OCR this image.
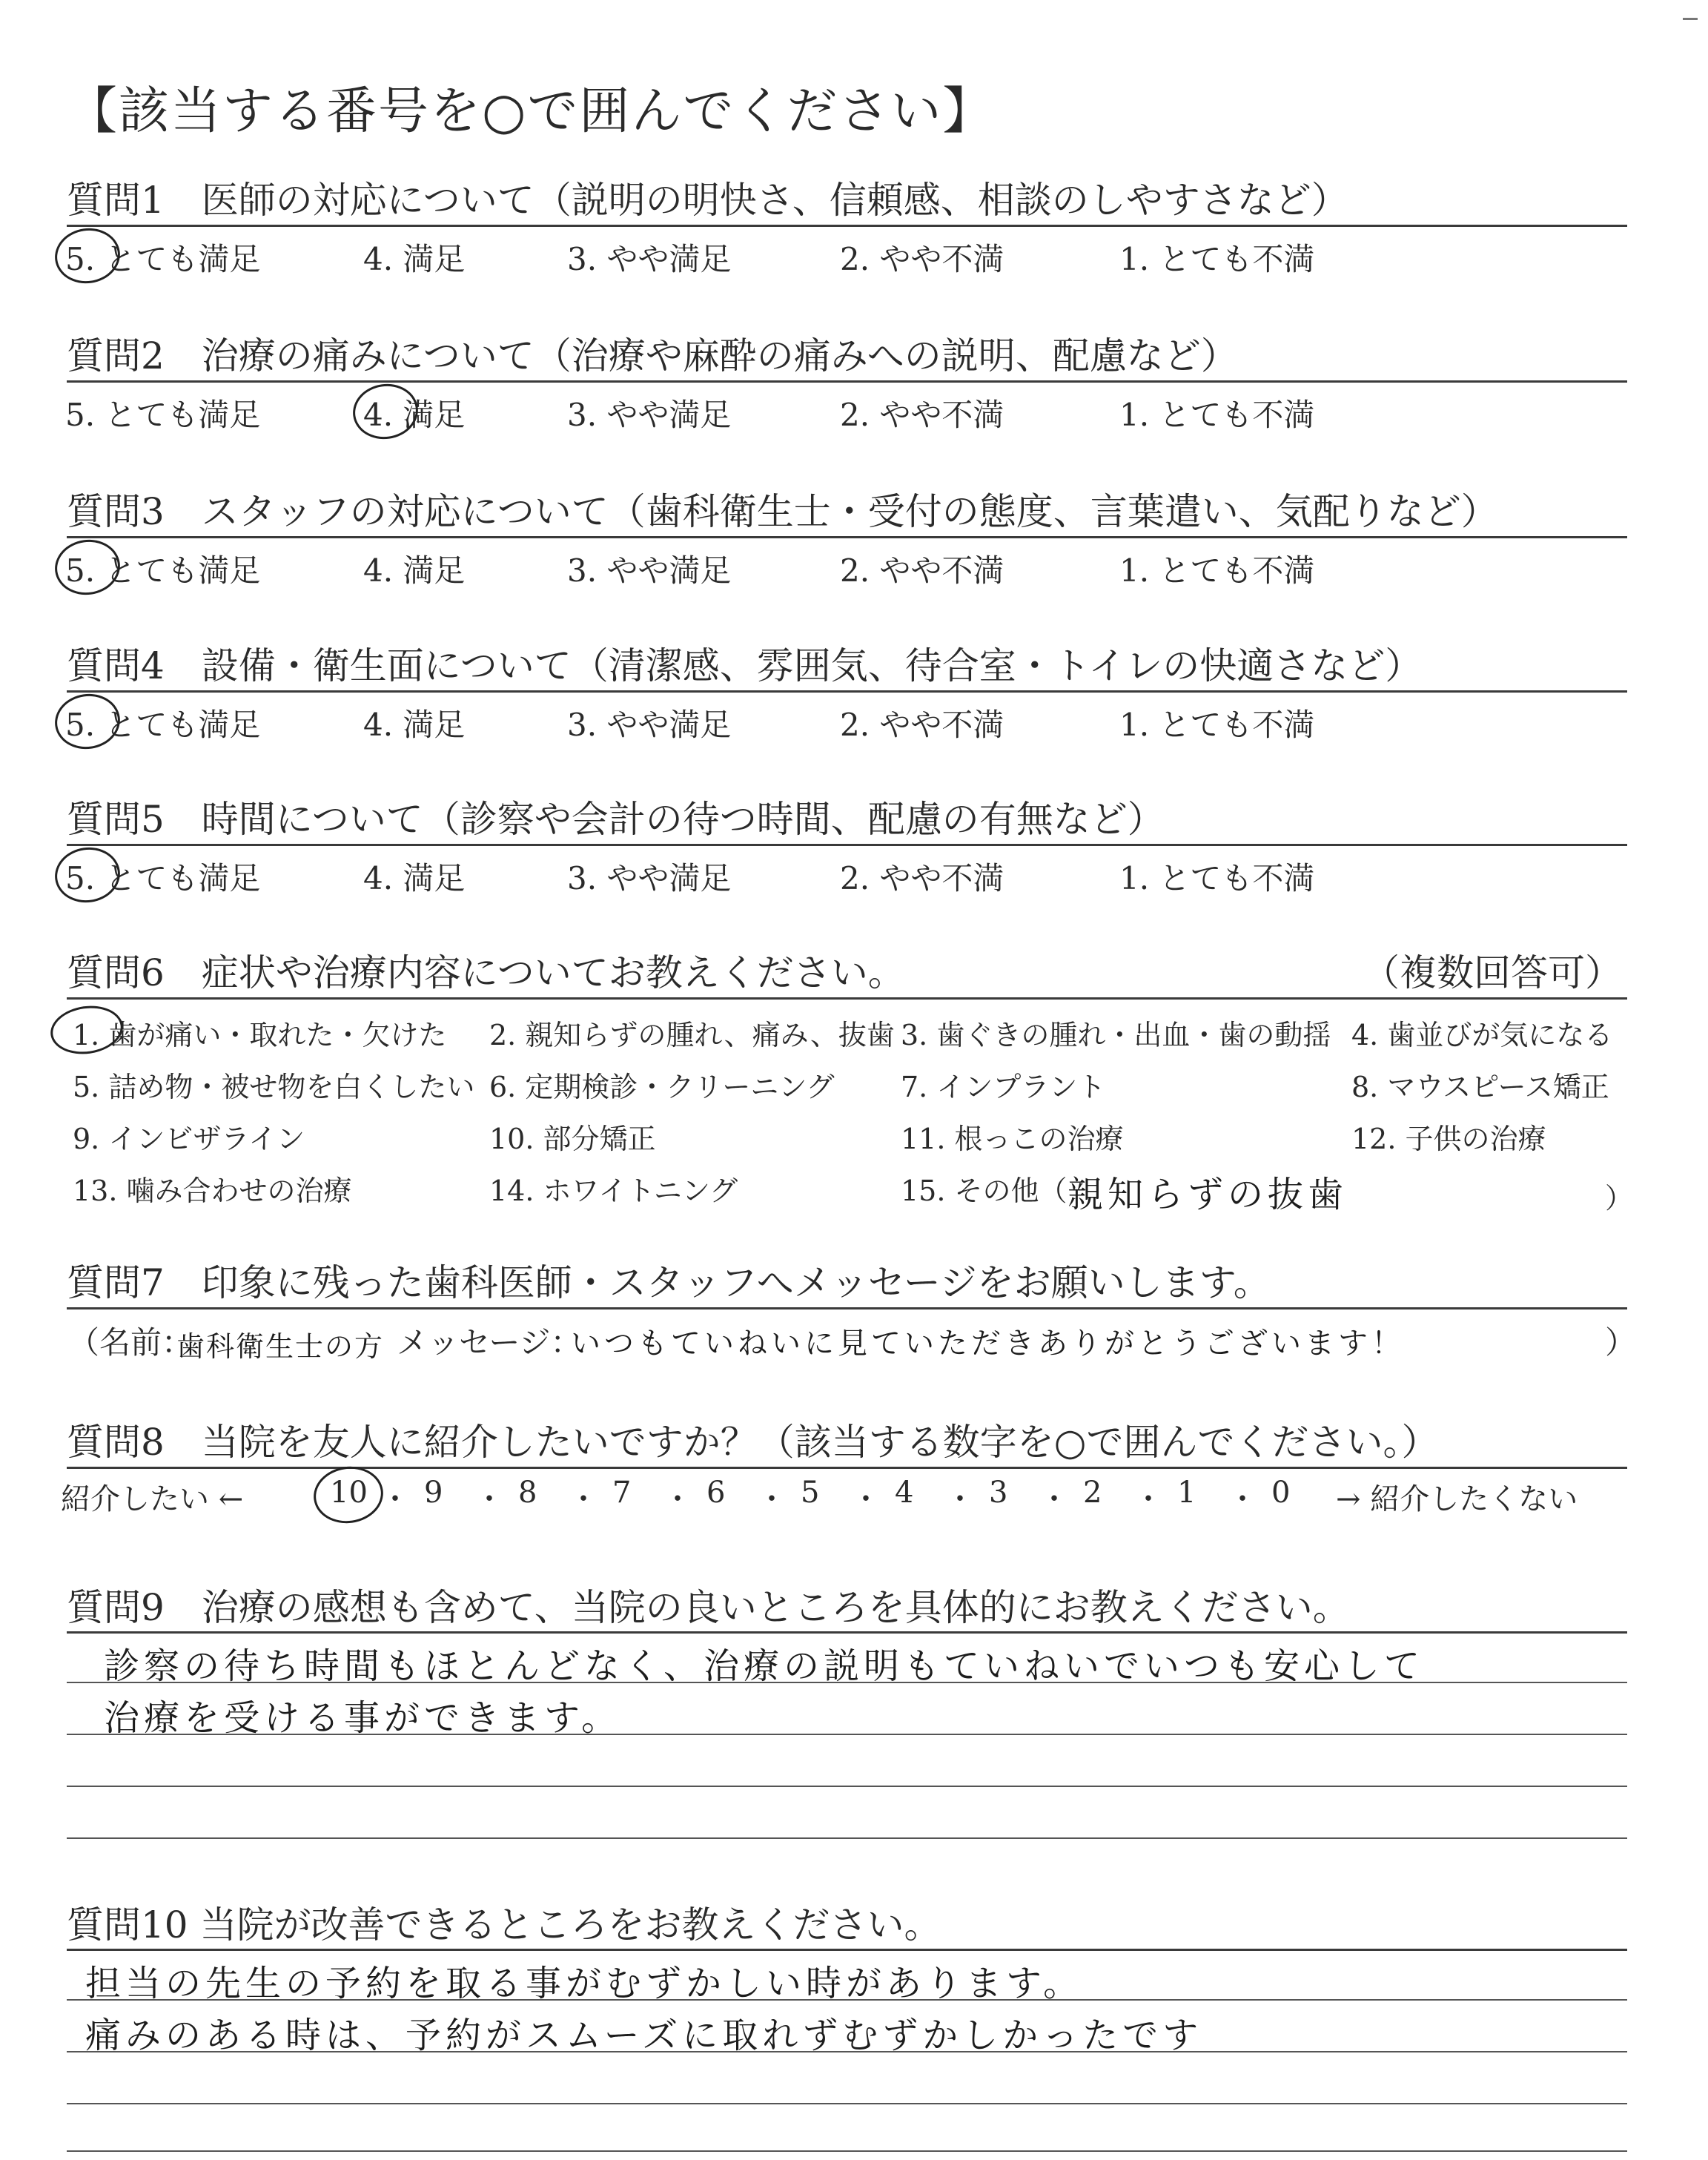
【該当する番号を○で囲んでください】
質問1　医師の対応について（説明の明快さ、信頼感、相談のしやすさなど）
5. とても満足	4. 満足	3. やや満足	2. やや不満	1. とても不満
質問2　治療の痛みについて（治療や麻酔の痛みへの説明、配慮など）
5. とても満足	4. 満足	3. やや満足	2. やや不満	1. とても不満
質問3　スタッフの対応について（歯科衛生士・受付の態度、言葉遣い、気配りなど）
5. とても満足	4. 満足	3. やや満足	2. やや不満	1. とても不満
質問4　設備・衛生面について（清潔感、雰囲気、待合室・トイレの快適さなど）
5. とても満足	4. 満足	3. やや満足	2. やや不満	1. とても不満
質問5　時間について（診察や会計の待つ時間、配慮の有無など）
5. とても満足	4. 満足	3. やや満足	2. やや不満	1. とても不満
質問6　症状や治療内容についてお教えください。	（複数回答可）
1. 歯が痛い・取れた・欠けた 2. 親知らずの腫れ、痛み、抜歯 3. 歯ぐきの腫れ・出血・歯の動揺 4. 歯並びが気になる
5. 詰め物・被せ物を白くしたい 6. 定期検診・クリーニング 7. インプラント	8. マウスピース矯正
9. インビザライン	10. 部分矯正	11. 根っこの治療	12. 子供の治療
13. 噛み合わせの治療	14. ホワイトニング	15. その他（ 親知らずの抜歯	）
質問7　印象に残った歯科医師・スタッフへメッセージをお願いします。
（名前：
歯科衛生士の方 メッセージ：
いつもていねいに見ていただきありがとうございます！	）
質問8　当院を友人に紹介したいですか？（該当する数字を○で囲んでください。）
紹介したい ←	10 ・ 9 ・ 8 ・ 7 ・ 6 ・ 5 ・ 4 ・ 3 ・ 2 ・ 1 ・ 0 → 紹介したくない
質問9　治療の感想も含めて、当院の良いところを具体的にお教えください。
診察の待ち時間もほとんどなく、治療の説明もていねいでいつも安心して
治療を受ける事ができます。
質問10 当院が改善できるところをお教えください。
担当の先生の予約を取る事がむずかしい時があります。
痛みのある時は、予約がスムーズに取れずむずかしかったです
